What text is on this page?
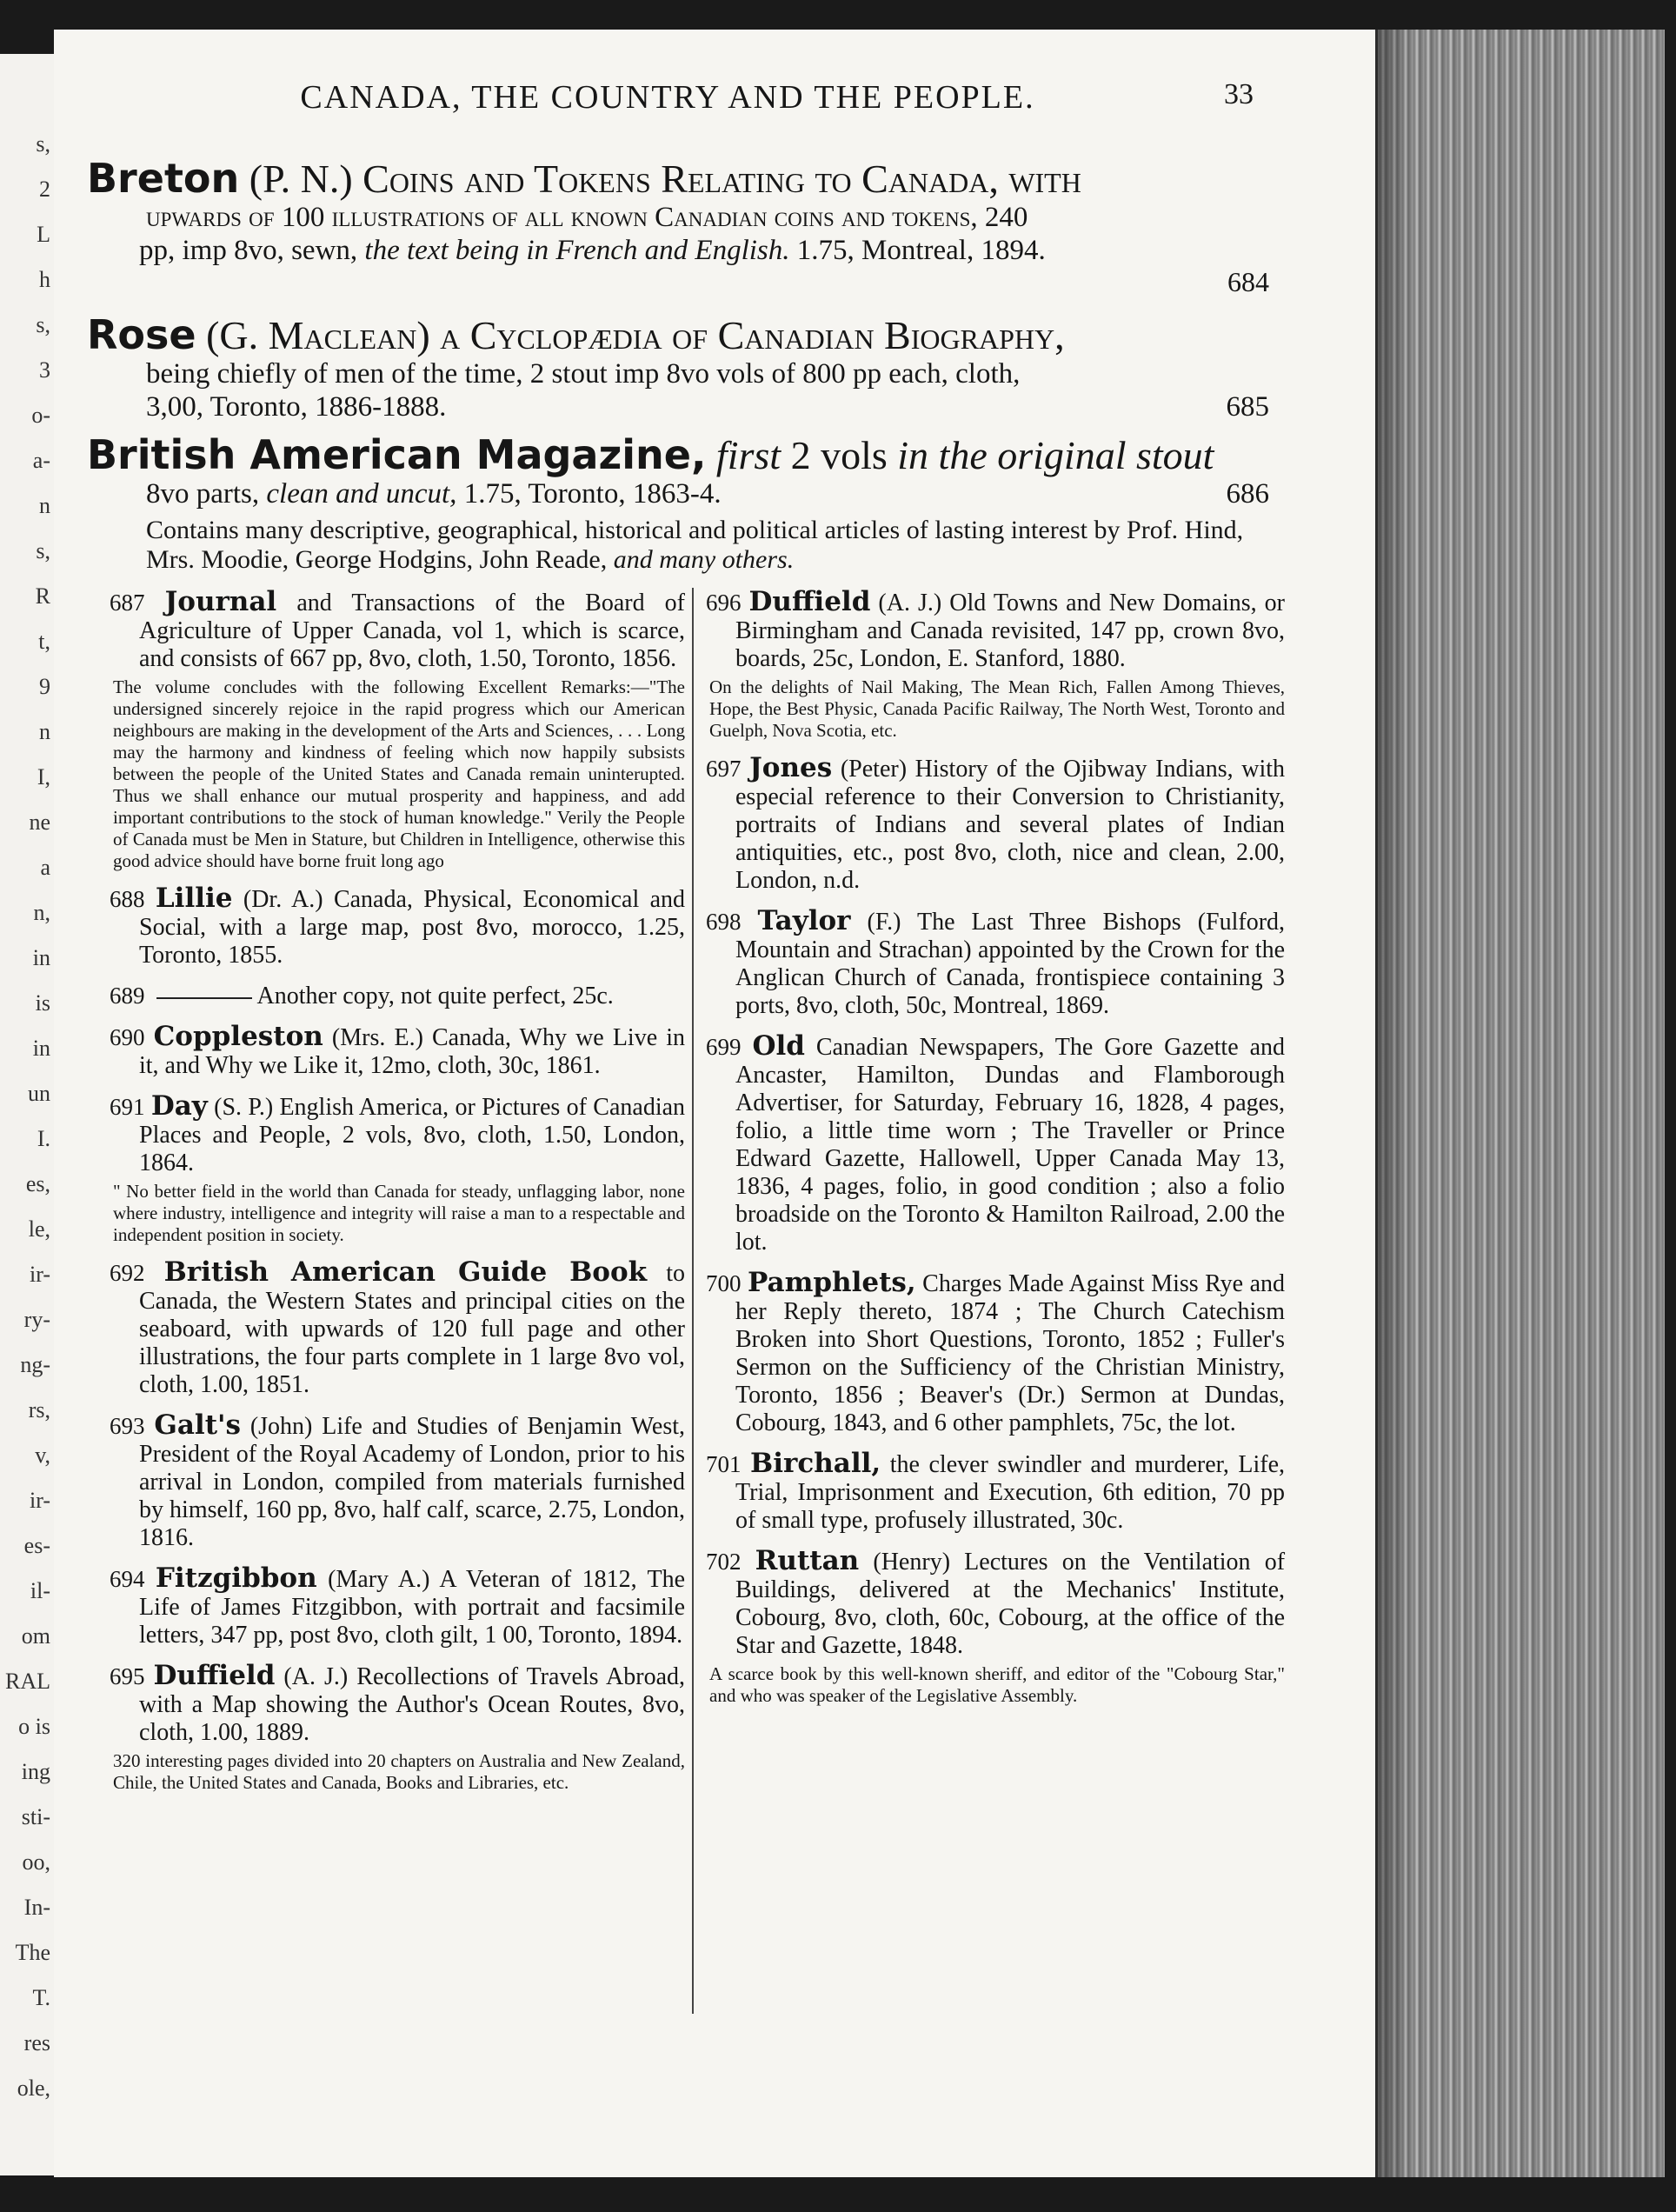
s,
2
L
h
s,
3
o-
a-
n
s,
R
t,
9
n
I,
ne
a
n,
in
is
in
un
I.
es,
le,
ir-
ry-
ng-
rs,
v,
ir-
es-
il-
om
RAL
o is
ing
sti-
oo,
In-
The
T.
res
ole,
CANADA, THE COUNTRY AND THE PEOPLE.	33
Breton (P. N.) Coins and Tokens Relating to Canada, with
upwards of 100 illustrations of all known Canadian coins and tokens, 240
pp, imp 8vo, sewn, the text being in French and English. 1.75, Montreal, 1894.
684
Rose (G. Maclean) a Cyclopædia of Canadian Biography,
being chiefly of men of the time, 2 stout imp 8vo vols of 800 pp each, cloth,
3,00, Toronto, 1886-1888.	685
British American Magazine, first 2 vols in the original stout
8vo parts, clean and uncut, 1.75, Toronto, 1863-4.	686
Contains many descriptive, geographical, historical and political articles of lasting interest by Prof. Hind, Mrs. Moodie, George Hodgins, John Reade, and many others.
687 Journal and Transactions of the Board of Agriculture of Upper Canada, vol 1, which is scarce, and consists of 667 pp, 8vo, cloth, 1.50, Toronto, 1856.
The volume concludes with the following Excellent Remarks:—"The undersigned sincerely rejoice in the rapid progress which our American neighbours are making in the development of the Arts and Sciences, . . . Long may the harmony and kindness of feeling which now happily subsists between the people of the United States and Canada remain uninterupted. Thus we shall enhance our mutual prosperity and happiness, and add important contributions to the stock of human knowledge." Verily the People of Canada must be Men in Stature, but Children in Intelligence, otherwise this good advice should have borne fruit long ago
688 Lillie (Dr. A.) Canada, Physical, Economical and Social, with a large map, post 8vo, morocco, 1.25, Toronto, 1855.
689	Another copy, not quite perfect, 25c.
690 Coppleston (Mrs. E.) Canada, Why we Live in it, and Why we Like it, 12mo, cloth, 30c, 1861.
691 Day (S. P.) English America, or Pictures of Canadian Places and People, 2 vols, 8vo, cloth, 1.50, London, 1864.
" No better field in the world than Canada for steady, unflagging labor, none where industry, intelligence and integrity will raise a man to a respectable and independent position in society.
692 British American Guide Book to Canada, the Western States and principal cities on the seaboard, with upwards of 120 full page and other illustrations, the four parts complete in 1 large 8vo vol, cloth, 1.00, 1851.
693 Galt's (John) Life and Studies of Benjamin West, President of the Royal Academy of London, prior to his arrival in London, compiled from materials furnished by himself, 160 pp, 8vo, half calf, scarce, 2.75, London, 1816.
694 Fitzgibbon (Mary A.) A Veteran of 1812, The Life of James Fitzgibbon, with portrait and facsimile letters, 347 pp, post 8vo, cloth gilt, 1 00, Toronto, 1894.
695 Duffield (A. J.) Recollections of Travels Abroad, with a Map showing the Author's Ocean Routes, 8vo, cloth, 1.00, 1889.
320 interesting pages divided into 20 chapters on Australia and New Zealand, Chile, the United States and Canada, Books and Libraries, etc.
696 Duffield (A. J.) Old Towns and New Domains, or Birmingham and Canada revisited, 147 pp, crown 8vo, boards, 25c, London, E. Stanford, 1880.
On the delights of Nail Making, The Mean Rich, Fallen Among Thieves, Hope, the Best Physic, Canada Pacific Railway, The North West, Toronto and Guelph, Nova Scotia, etc.
697 Jones (Peter) History of the Ojibway Indians, with especial reference to their Conversion to Christianity, portraits of Indians and several plates of Indian antiquities, etc., post 8vo, cloth, nice and clean, 2.00, London, n.d.
698 Taylor (F.) The Last Three Bishops (Fulford, Mountain and Strachan) appointed by the Crown for the Anglican Church of Canada, frontispiece containing 3 ports, 8vo, cloth, 50c, Montreal, 1869.
699 Old Canadian Newspapers, The Gore Gazette and Ancaster, Hamilton, Dundas and Flamborough Advertiser, for Saturday, February 16, 1828, 4 pages, folio, a little time worn ; The Traveller or Prince Edward Gazette, Hallowell, Upper Canada May 13, 1836, 4 pages, folio, in good condition ; also a folio broadside on the Toronto & Hamilton Railroad, 2.00 the lot.
700 Pamphlets, Charges Made Against Miss Rye and her Reply thereto, 1874 ; The Church Catechism Broken into Short Questions, Toronto, 1852 ; Fuller's Sermon on the Sufficiency of the Christian Ministry, Toronto, 1856 ; Beaver's (Dr.) Sermon at Dundas, Cobourg, 1843, and 6 other pamphlets, 75c, the lot.
701 Birchall, the clever swindler and murderer, Life, Trial, Imprisonment and Execution, 6th edition, 70 pp of small type, profusely illustrated, 30c.
702 Ruttan (Henry) Lectures on the Ventilation of Buildings, delivered at the Mechanics' Institute, Cobourg, 8vo, cloth, 60c, Cobourg, at the office of the Star and Gazette, 1848.
A scarce book by this well-known sheriff, and editor of the "Cobourg Star," and who was speaker of the Legislative Assembly.
